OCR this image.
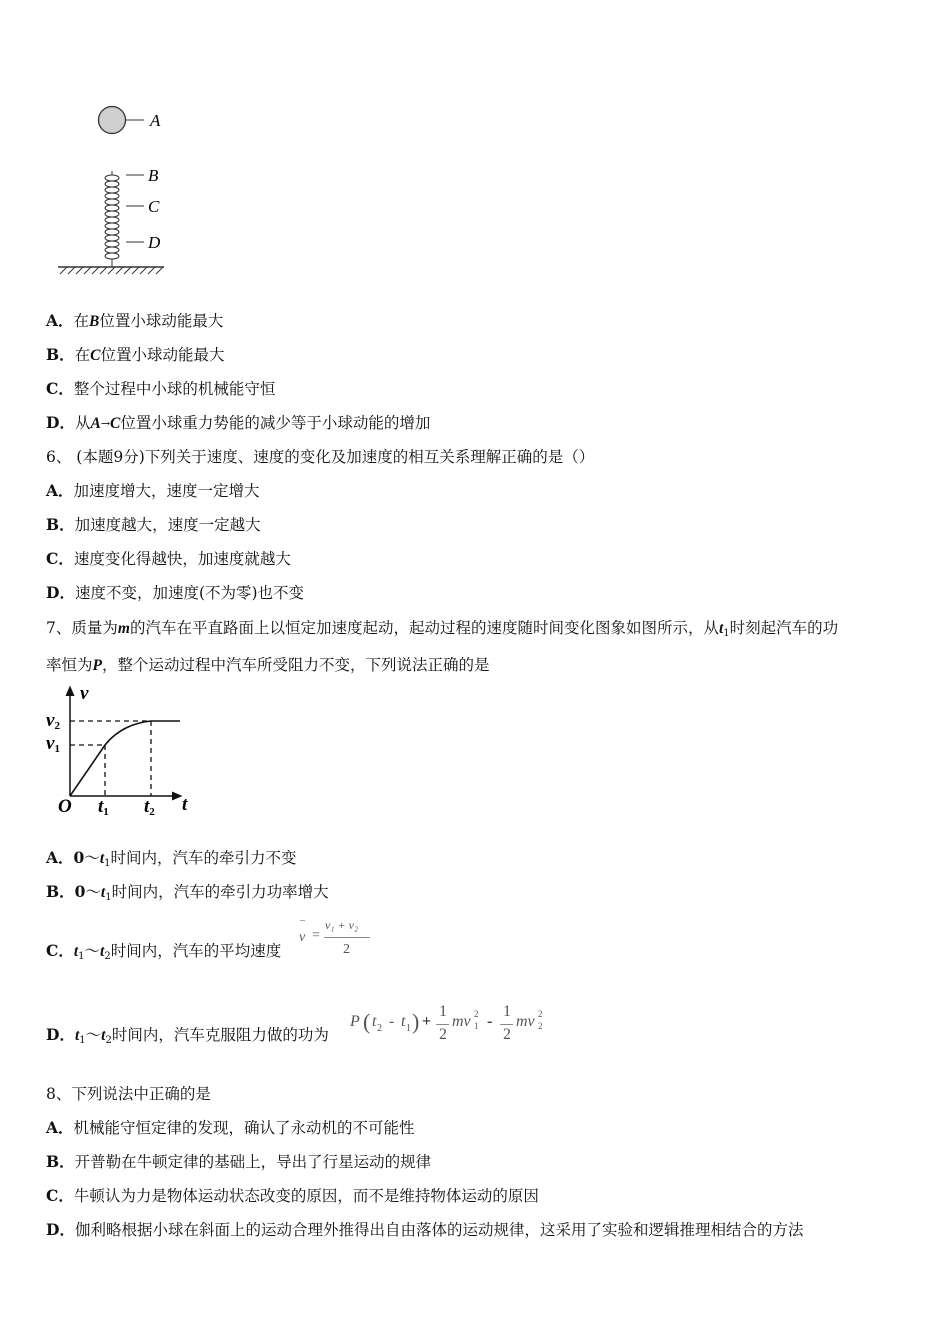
A
B
C
D
A．在B位置小球动能最大
B．在C位置小球动能最大
C．整个过程中小球的机械能守恒
D．从A→C位置小球重力势能的减少等于小球动能的增加
6、 (本题9分)下列关于速度、速度的变化及加速度的相互关系理解正确的是（）
A．加速度增大，速度一定增大
B．加速度越大，速度一定越大
C．速度变化得越快，加速度就越大
D．速度不变，加速度(不为零)也不变
7、质量为m的汽车在平直路面上以恒定加速度起动，起动过程的速度随时间变化图象如图所示，从$t_1$时刻起汽车的功
率恒为P，整个运动过程中汽车所受阻力不变，下列说法正确的是
v
v2
v1
O t1 t2 t
A．$0\sim t_1$时间内，汽车的牵引力不变
B．$0\sim t_1$时间内，汽车的牵引力功率增大
C．$t_1\sim t_2$时间内，汽车的平均速度
–
v =
v₁ + v₂
2
D．$t_1\sim t_2$时间内，汽车克服阻力做的功为
P ( t 2 - t 1 ) +
1
2
mv 2
1 -
1
2
mv 2
2
8、下列说法中正确的是
A．机械能守恒定律的发现，确认了永动机的不可能性
B．开普勒在牛顿定律的基础上，导出了行星运动的规律
C．牛顿认为力是物体运动状态改变的原因，而不是维持物体运动的原因
D．伽利略根据小球在斜面上的运动合理外推得出自由落体的运动规律，这采用了实验和逻辑推理相结合的方法
